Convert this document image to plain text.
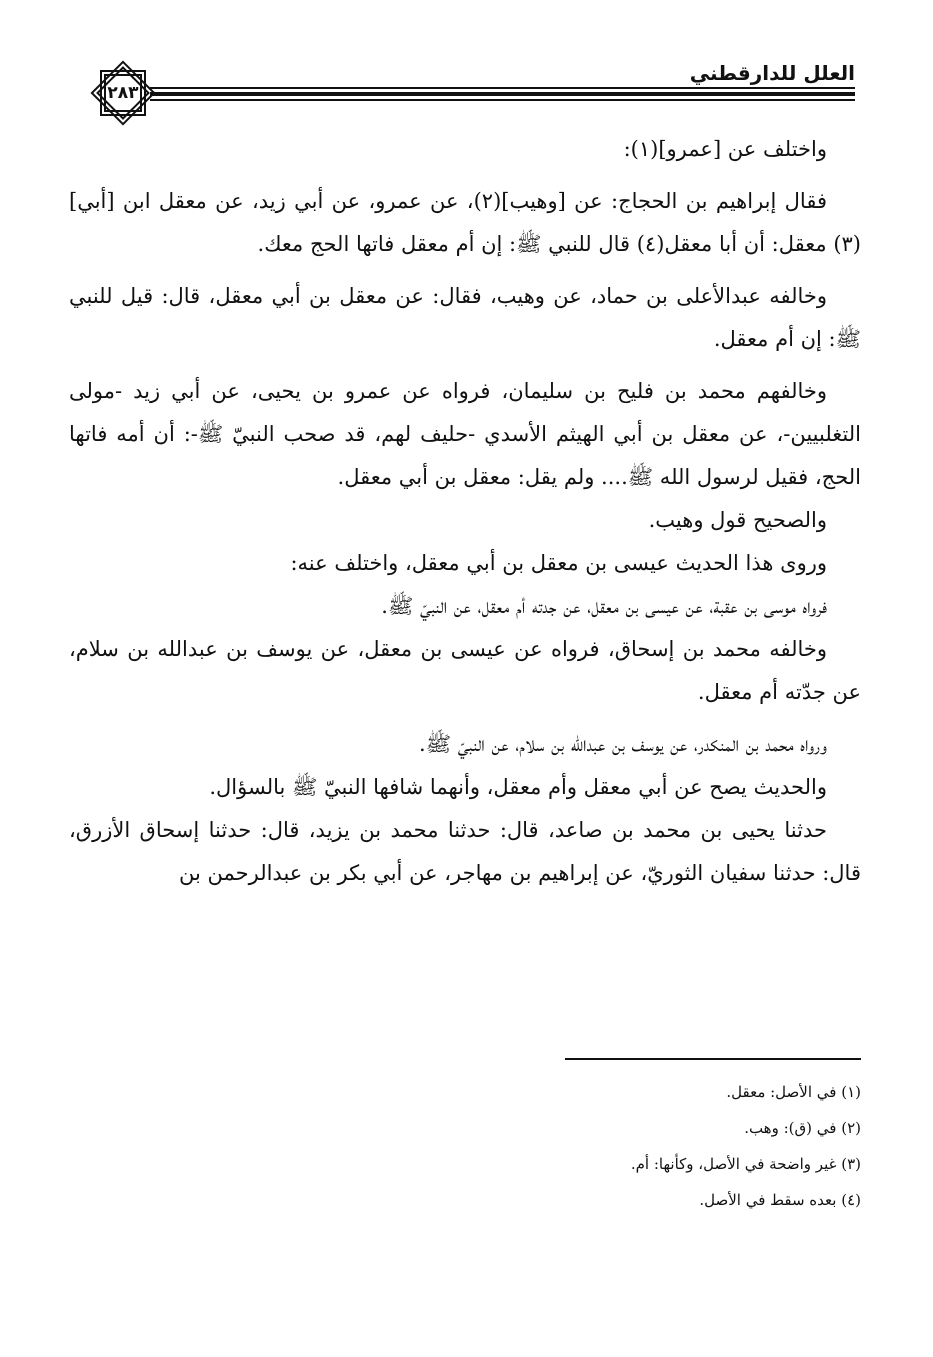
العلل للدارقطني
٢٨٣

واختلف عن [عمرو](١):

فقال إبراهيم بن الحجاج: عن [وهيب](٢)، عن عمرو، عن أبي زيد، عن معقل ابن [أبي](٣) معقل: أن أبا معقل(٤) قال للنبي ﷺ: إن أم معقل فاتها الحج معك.

وخالفه عبدالأعلى بن حماد، عن وهيب، فقال: عن معقل بن أبي معقل، قال: قيل للنبي ﷺ: إن أم معقل.

وخالفهم محمد بن فليح بن سليمان، فرواه عن عمرو بن يحيى، عن أبي زيد -مولى التغلبيين-، عن معقل بن أبي الهيثم الأسدي -حليف لهم، قد صحب النبيّ ﷺ-: أن أمه فاتها الحج، فقيل لرسول الله ﷺ.... ولم يقل: معقل بن أبي معقل.

والصحيح قول وهيب.

وروى هذا الحديث عيسى بن معقل بن أبي معقل، واختلف عنه:

فرواه موسى بن عقبة، عن عيسى بن معقل، عن جدته أم معقل، عن النبيّ ﷺ.

وخالفه محمد بن إسحاق، فرواه عن عيسى بن معقل، عن يوسف بن عبدالله بن سلام، عن جدّته أم معقل.

ورواه محمد بن المنكدر، عن يوسف بن عبدالله بن سلام، عن النبيّ ﷺ.

والحديث يصح عن أبي معقل وأم معقل، وأنهما شافها النبيّ ﷺ بالسؤال.

حدثنا يحيى بن محمد بن صاعد، قال: حدثنا محمد بن يزيد، قال: حدثنا إسحاق الأزرق، قال: حدثنا سفيان الثوريّ، عن إبراهيم بن مهاجر، عن أبي بكر بن عبدالرحمن بن

(١) في الأصل: معقل.
(٢) في (ق): وهب.
(٣) غير واضحة في الأصل، وكأنها: أم.
(٤) بعده سقط في الأصل.
